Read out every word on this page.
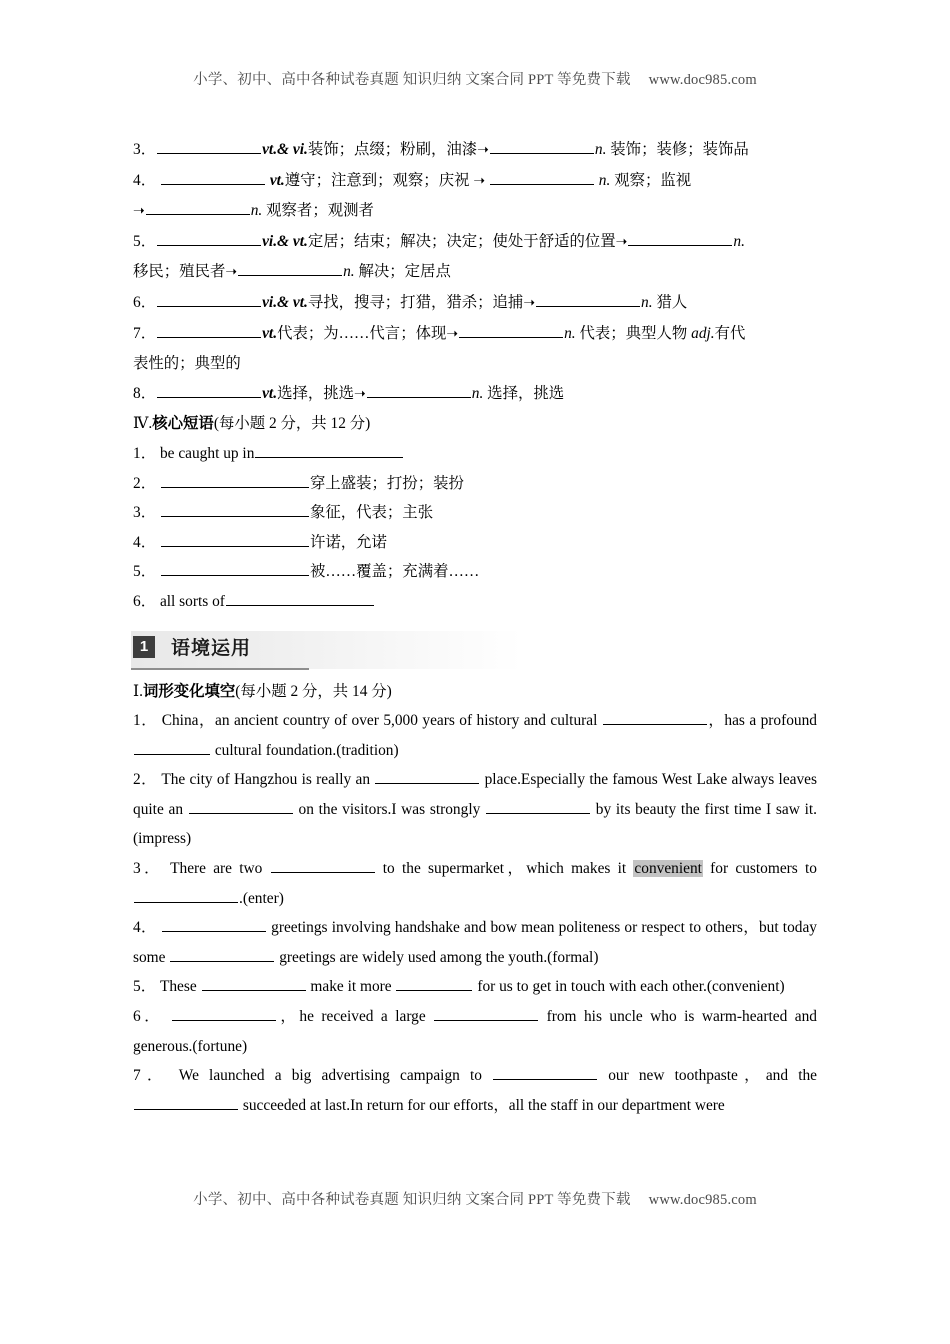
小学、初中、高中各种试卷真题 知识归纳 文案合同 PPT 等免费下载 www.doc985.com

3．	vt.& vi.装饰；点缀；粉刷，油漆➝	n. 装饰；装修；装饰品

4．	vt.遵守；注意到；观察；庆祝 ➝	n. 观察；监视

➝	n. 观察者；观测者

5．	vi.& vt.定居；结束；解决；决定；使处于舒适的位置➝	n.

移民；殖民者➝	n. 解决；定居点

6．	vi.& vt.寻找，搜寻；打猎，猎杀；追捕➝	n. 猎人

7．	vt.代表；为……代言；体现➝	n. 代表；典型人物 adj.有代

表性的；典型的

8．	vt.选择，挑选➝	n. 选择，挑选

Ⅳ.核心短语(每小题 2 分，共 12 分)

1． be caught up in

2．	穿上盛装；打扮；装扮

3．	象征，代表；主张

4．	许诺，允诺

5．	被……覆盖；充满着……

6． all sorts of

1	语境运用

Ⅰ.词形变化填空(每小题 2 分，共 14 分)

1． China，an ancient country of over 5,000 years of history and cultural	，has a profound  cultural foundation.(tradition)

2． The city of Hangzhou is really an	place.Especially the famous West Lake always leaves quite an	on the visitors.I was strongly	by its beauty the first time I saw it.(impress)

3． There are two	to the supermarket，which makes it convenient for customers to .(enter)

4．	greetings involving handshake and bow mean politeness or respect to others，but today some	greetings are widely used among the youth.(formal)

5． These	make it more	for us to get in touch with each other.(convenient)

6．	，he received a large	from his uncle who is warm-hearted and generous.(fortune)

7． We launched a big advertising campaign to	our new toothpaste，and the  succeeded at last.In return for our efforts，all the staff in our department were

小学、初中、高中各种试卷真题 知识归纳 文案合同 PPT 等免费下载 www.doc985.com
